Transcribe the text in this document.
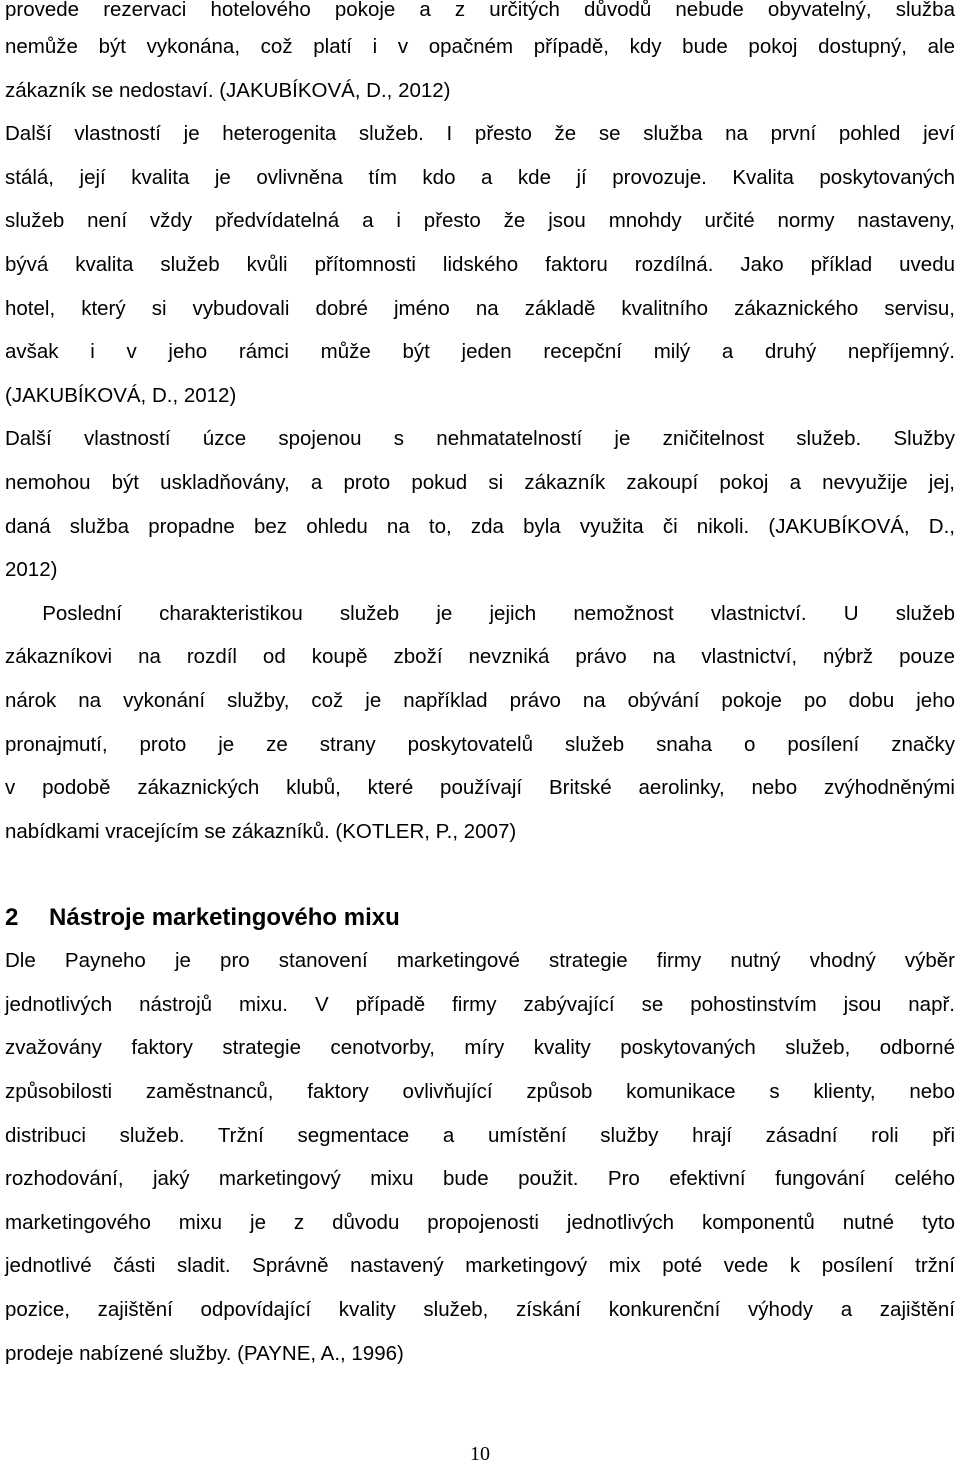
provede rezervaci hotelového pokoje a z určitých důvodů nebude obyvatelný, služba
nemůže být vykonána, což platí i v opačném případě, kdy bude pokoj dostupný, ale
zákazník se nedostaví. (JAKUBÍKOVÁ, D., 2012)
Další vlastností je heterogenita služeb. I přesto že se služba na první pohled jeví
stálá, její kvalita je ovlivněna tím kdo a kde jí provozuje. Kvalita poskytovaných
služeb není vždy předvídatelná a i přesto že jsou mnohdy určité normy nastaveny,
bývá kvalita služeb kvůli přítomnosti lidského faktoru rozdílná. Jako příklad uvedu
hotel, který si vybudovali dobré jméno na základě kvalitního zákaznického servisu,
avšak i v jeho rámci může být jeden recepční milý a druhý nepříjemný.
(JAKUBÍKOVÁ, D., 2012)
Další vlastností úzce spojenou s nehmatatelností je zničitelnost služeb. Služby
nemohou být uskladňovány, a proto pokud si zákazník zakoupí pokoj a nevyužije jej,
daná služba propadne bez ohledu na to, zda byla využita či nikoli. (JAKUBÍKOVÁ, D.,
2012)
Poslední charakteristikou služeb je jejich nemožnost vlastnictví. U služeb
zákazníkovi na rozdíl od koupě zboží nevzniká právo na vlastnictví, nýbrž pouze
nárok na vykonání služby, což je například právo na obývání pokoje po dobu jeho
pronajmutí, proto je ze strany poskytovatelů služeb snaha o posílení značky
v podobě zákaznických klubů, které používají Britské aerolinky, nebo zvýhodněnými
nabídkami vracejícím se zákazníků. (KOTLER, P., 2007)
2 Nástroje marketingového mixu
Dle Payneho je pro stanovení marketingové strategie firmy nutný vhodný výběr
jednotlivých nástrojů mixu. V případě firmy zabývající se pohostinstvím jsou např.
zvažovány faktory strategie cenotvorby, míry kvality poskytovaných služeb, odborné
způsobilosti zaměstnanců, faktory ovlivňující způsob komunikace s klienty, nebo
distribuci služeb. Tržní segmentace a umístění služby hrají zásadní roli při
rozhodování, jaký marketingový mixu bude použit. Pro efektivní fungování celého
marketingového mixu je z důvodu propojenosti jednotlivých komponentů nutné tyto
jednotlivé části sladit. Správně nastavený marketingový mix poté vede k posílení tržní
pozice, zajištění odpovídající kvality služeb, získání konkurenční výhody a zajištění
prodeje nabízené služby. (PAYNE, A., 1996)
10
